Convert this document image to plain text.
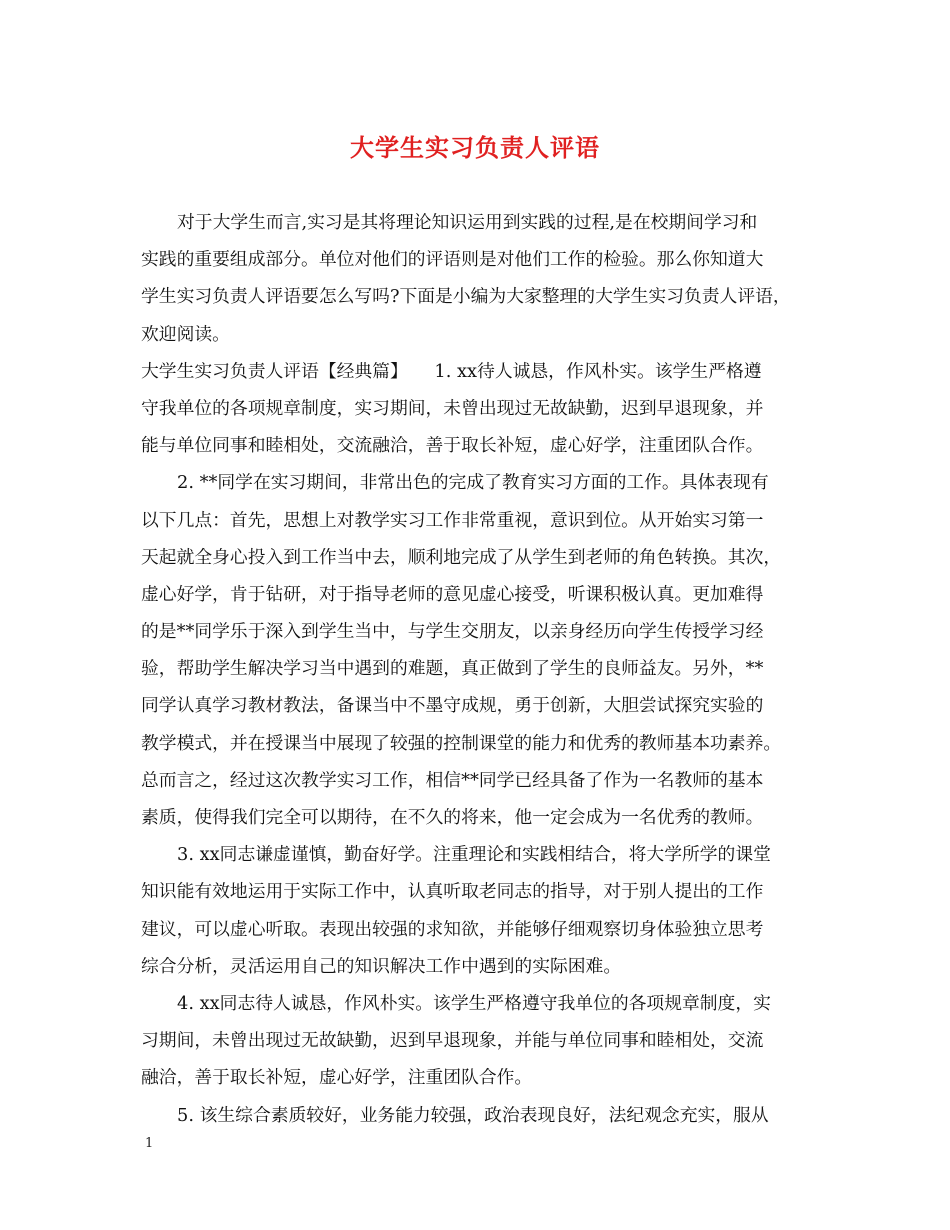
大学生实习负责人评语
对于大学生而言,实习是其将理论知识运用到实践的过程,是在校期间学习和
实践的重要组成部分。单位对他们的评语则是对他们工作的检验。那么你知道大
学生实习负责人评语要怎么写吗?下面是小编为大家整理的大学生实习负责人评语，
欢迎阅读。
大学生实习负责人评语【经典篇】　　1. xx待人诚恳，作风朴实。该学生严格遵
守我单位的各项规章制度，实习期间，未曾出现过无故缺勤，迟到早退现象，并
能与单位同事和睦相处，交流融洽，善于取长补短，虚心好学，注重团队合作。
2. **同学在实习期间，非常出色的完成了教育实习方面的工作。具体表现有
以下几点：首先，思想上对教学实习工作非常重视，意识到位。从开始实习第一
天起就全身心投入到工作当中去，顺利地完成了从学生到老师的角色转换。其次，
虚心好学，肯于钻研，对于指导老师的意见虚心接受，听课积极认真。更加难得
的是**同学乐于深入到学生当中，与学生交朋友，以亲身经历向学生传授学习经
验，帮助学生解决学习当中遇到的难题，真正做到了学生的良师益友。另外，**
同学认真学习教材教法，备课当中不墨守成规，勇于创新，大胆尝试探究实验的
教学模式，并在授课当中展现了较强的控制课堂的能力和优秀的教师基本功素养。
总而言之，经过这次教学实习工作，相信**同学已经具备了作为一名教师的基本
素质，使得我们完全可以期待，在不久的将来，他一定会成为一名优秀的教师。
3. xx同志谦虚谨慎，勤奋好学。注重理论和实践相结合，将大学所学的课堂
知识能有效地运用于实际工作中，认真听取老同志的指导，对于别人提出的工作
建议，可以虚心听取。表现出较强的求知欲，并能够仔细观察切身体验独立思考
综合分析，灵活运用自己的知识解决工作中遇到的实际困难。
4. xx同志待人诚恳，作风朴实。该学生严格遵守我单位的各项规章制度，实
习期间，未曾出现过无故缺勤，迟到早退现象，并能与单位同事和睦相处，交流
融洽，善于取长补短，虚心好学，注重团队合作。
5. 该生综合素质较好，业务能力较强，政治表现良好，法纪观念充实，服从
1
